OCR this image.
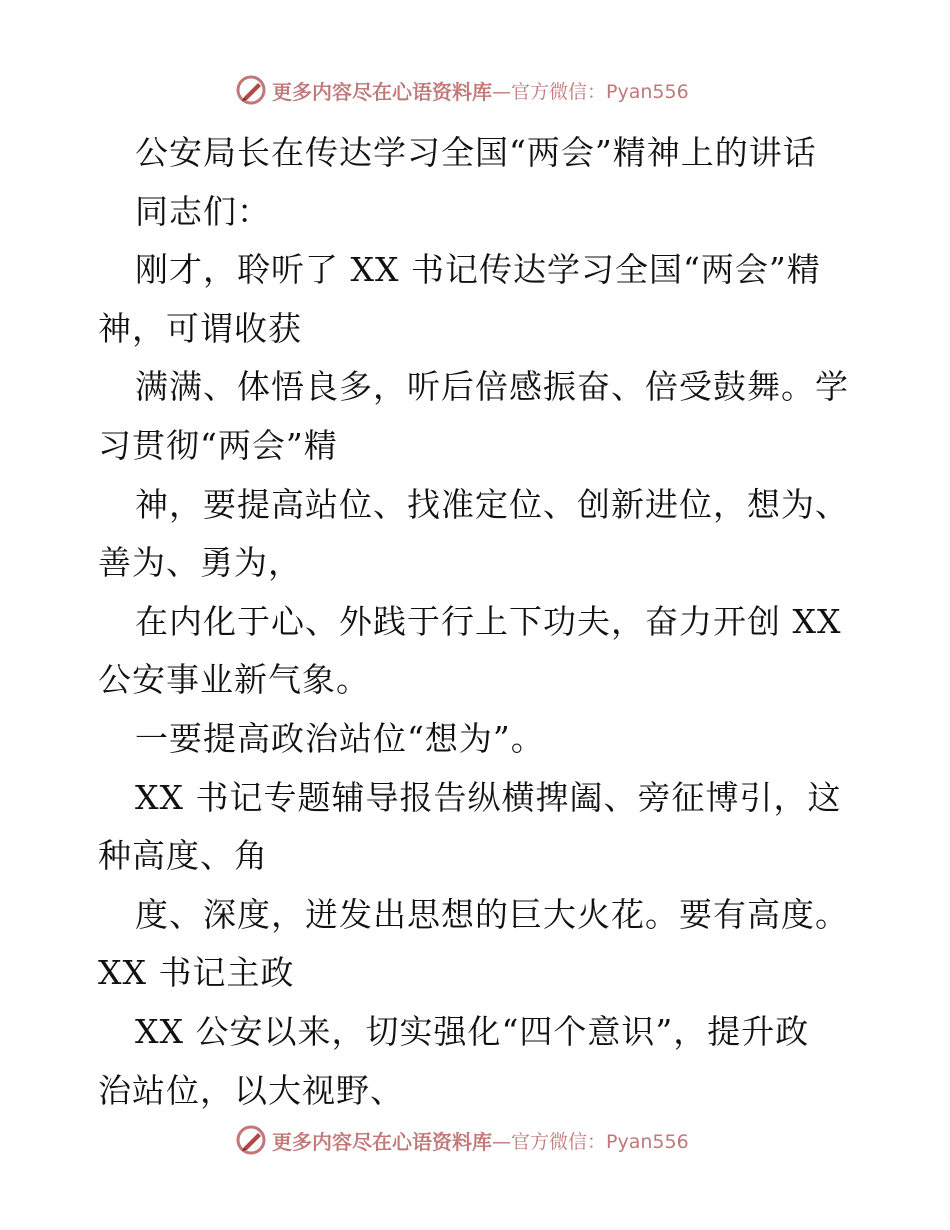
更多内容尽在心语资料库 —官方微信：Pyan556
公安局长在传达学习全国“两会”精神上的讲话
同志们：
刚才，聆听了 XX 书记传达学习全国“两会”精
神，可谓收获
满满、体悟良多，听后倍感振奋、倍受鼓舞。学
习贯彻“两会”精
神，要提高站位、找准定位、创新进位，想为、
善为、勇为，
在内化于心、外践于行上下功夫，奋力开创 XX
公安事业新气象。
一要提高政治站位“想为”。
XX 书记专题辅导报告纵横捭阖、旁征博引，这
种高度、角
度、深度，迸发出思想的巨大火花。要有高度。
XX 书记主政
XX 公安以来，切实强化“四个意识”，提升政
治站位，以大视野、
更多内容尽在心语资料库 —官方微信：Pyan556
